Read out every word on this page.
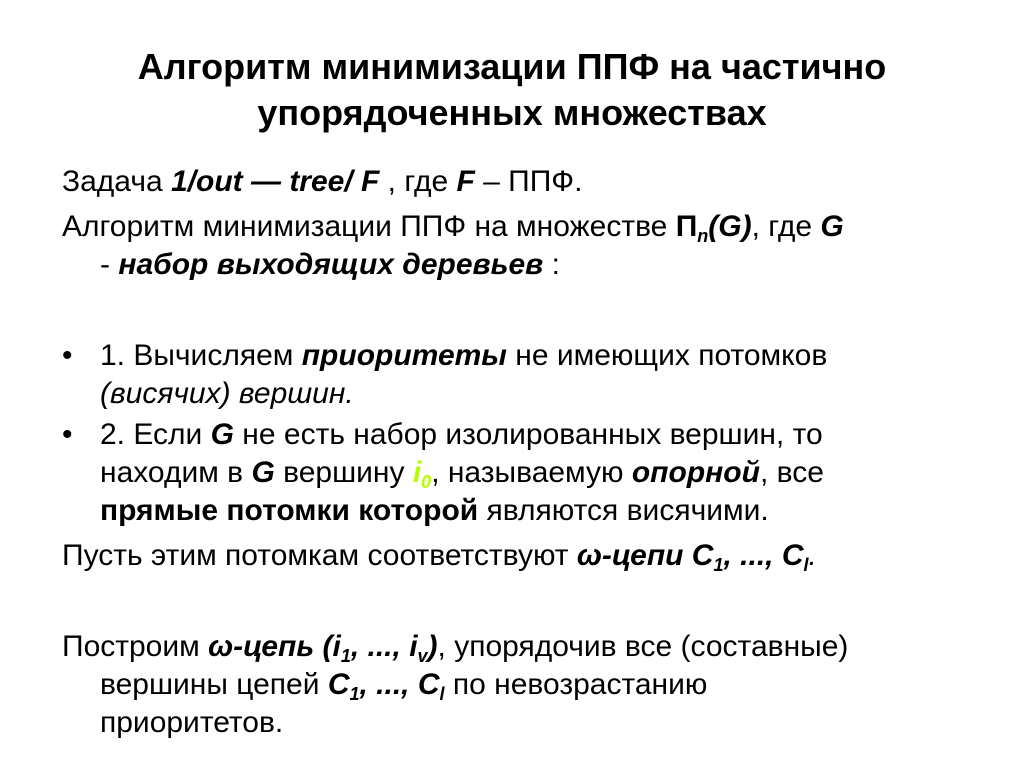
Алгоритм минимизации ППФ на частично
упорядоченных множествах
Задача 1/out — tree/ F , где F – ППФ.
Алгоритм минимизации ППФ на множестве $П_n(G)$, где G
- набор выходящих деревьев :
• 1. Вычисляем приоритеты не имеющих потомков
(висячих) вершин.
• 2. Если G не есть набор изолированных вершин, то
находим в G вершину $i_0$, называемую опорной, все
прямые потомки которой являются висячими.
Пусть этим потомкам соответствуют ω-цепи $С_1$, ..., $С_l$.
Построим ω-цепь ($i_1$, ..., $i_v$), упорядочив все (составные)
вершины цепей $С_1$, ..., $С_l$ по невозрастанию
приоритетов.
